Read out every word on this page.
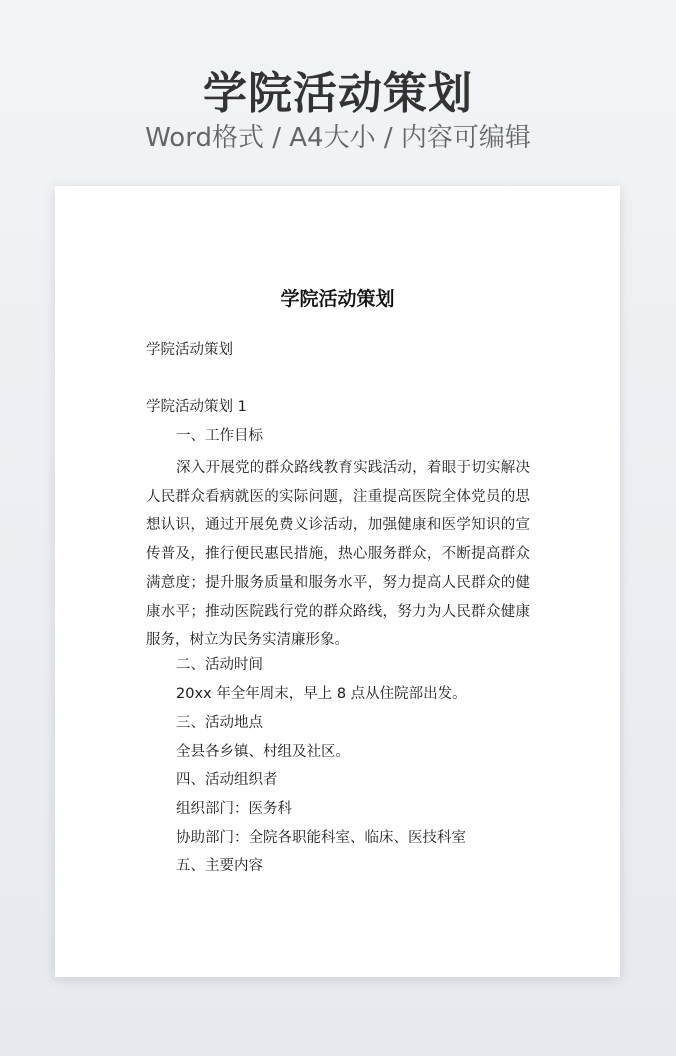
学院活动策划
Word格式 / A4大小 / 内容可编辑
学院活动策划
学院活动策划
学院活动策划 1
一、工作目标
深入开展党的群众路线教育实践活动，着眼于切实解决人民群众看病就医的实际问题，注重提高医院全体党员的思想认识，通过开展免费义诊活动，加强健康和医学知识的宣传普及，推行便民惠民措施，热心服务群众，不断提高群众满意度；提升服务质量和服务水平，努力提高人民群众的健康水平；推动医院践行党的群众路线，努力为人民群众健康服务，树立为民务实清廉形象。
二、活动时间
20xx 年全年周末，早上 8 点从住院部出发。
三、活动地点
全县各乡镇、村组及社区。
四、活动组织者
组织部门：医务科
协助部门：全院各职能科室、临床、医技科室
五、主要内容
